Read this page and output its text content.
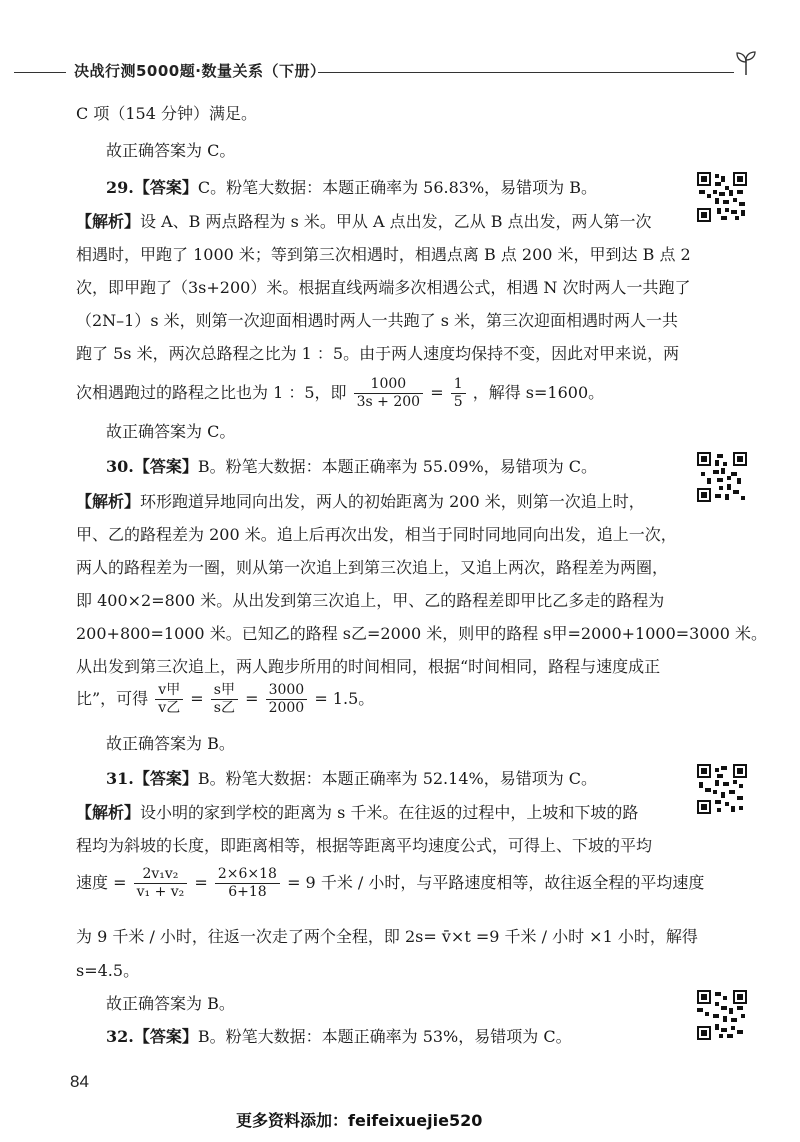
决战行测5000题·数量关系（下册）
C 项（154 分钟）满足。
故正确答案为 C。
29.【答案】C。粉笔大数据：本题正确率为 56.83%，易错项为 B。
【解析】设 A、B 两点路程为 s 米。甲从 A 点出发，乙从 B 点出发，两人第一次
相遇时，甲跑了 1000 米；等到第三次相遇时，相遇点离 B 点 200 米，甲到达 B 点 2
次，即甲跑了（3s+200）米。根据直线两端多次相遇公式，相遇 N 次时两人一共跑了
（2N–1）s 米，则第一次迎面相遇时两人一共跑了 s 米，第三次迎面相遇时两人一共
跑了 5s 米，两次总路程之比为 1 ：5。由于两人速度均保持不变，因此对甲来说，两
次相遇跑过的路程之比也为 1 ：5，即 $\frac{1000}{3s + 200} = \frac{1}{5}$ ，解得 s=1600。
故正确答案为 C。
30.【答案】B。粉笔大数据：本题正确率为 55.09%，易错项为 C。
【解析】环形跑道异地同向出发，两人的初始距离为 200 米，则第一次追上时，
甲、乙的路程差为 200 米。追上后再次出发，相当于同时同地同向出发，追上一次，
两人的路程差为一圈，则从第一次追上到第三次追上，又追上两次，路程差为两圈，
即 400×2=800 米。从出发到第三次追上，甲、乙的路程差即甲比乙多走的路程为
200+800=1000 米。已知乙的路程 s乙=2000 米，则甲的路程 s甲=2000+1000=3000 米。
从出发到第三次追上，两人跑步所用的时间相同，根据“时间相同，路程与速度成正
比”，可得 $\frac{\text{v甲}}{\text{v乙}} = \frac{\text{s甲}}{\text{s乙}} = \frac{3000}{2000} = 1.5$。
故正确答案为 B。
31.【答案】B。粉笔大数据：本题正确率为 52.14%，易错项为 C。
【解析】设小明的家到学校的距离为 s 千米。在往返的过程中，上坡和下坡的路
程均为斜坡的长度，即距离相等，根据等距离平均速度公式，可得上、下坡的平均
速度 = $\frac{\text{2v₁v₂}}{\text{v₁ + v₂}} = \frac{2\times 6\times 18}{6+18} = 9$ 千米 / 小时，与平路速度相等，故往返全程的平均速度
为 9 千米 / 小时，往返一次走了两个全程，即 2s= v̄×t =9 千米 / 小时 ×1 小时，解得
s=4.5。
故正确答案为 B。
32.【答案】B。粉笔大数据：本题正确率为 53%，易错项为 C。
84
更多资料添加：feifeixuejie520
